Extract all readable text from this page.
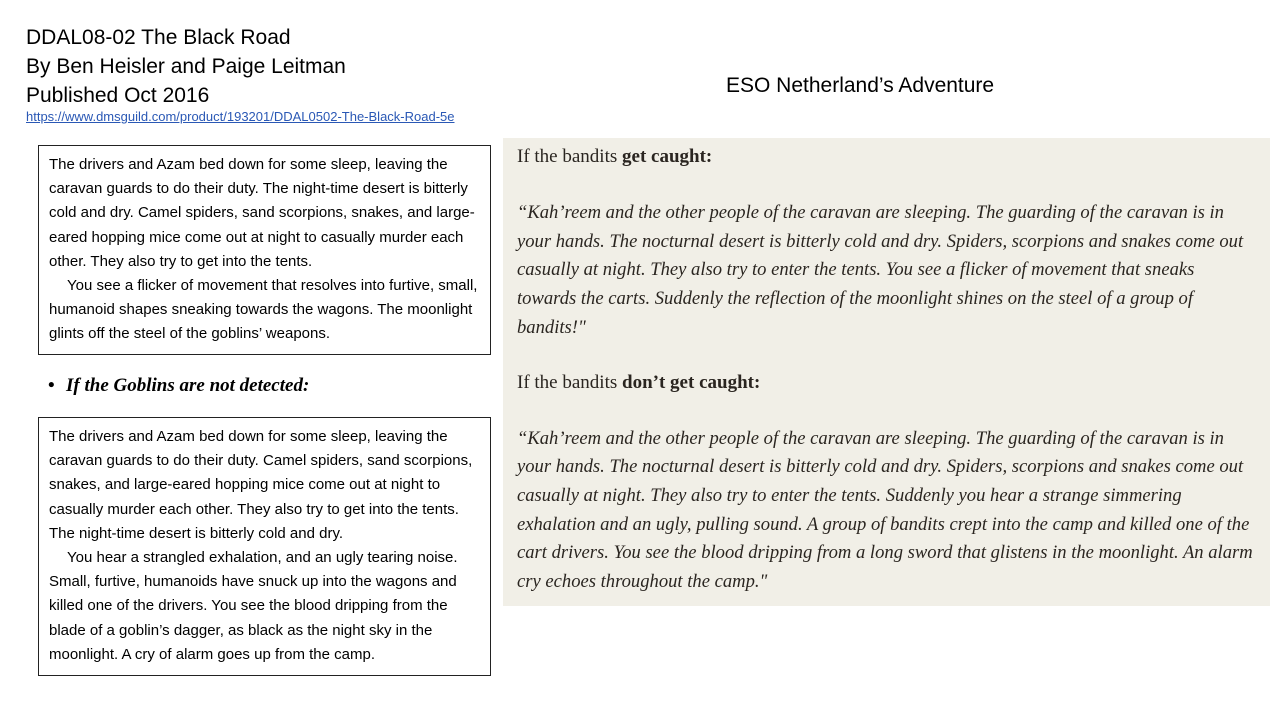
DDAL08-02 The Black Road
By Ben Heisler and Paige Leitman
Published Oct 2016
https://www.dmsguild.com/product/193201/DDAL0502-The-Black-Road-5e
ESO Netherland’s Adventure

The drivers and Azam bed down for some sleep, leaving the caravan guards to do their duty. The night-time desert is bitterly cold and dry. Camel spiders, sand scorpions, snakes, and large-eared hopping mice come out at night to casually murder each other. They also try to get into the tents.

You see a flicker of movement that resolves into furtive, small, humanoid shapes sneaking towards the wagons. The moonlight glints off the steel of the goblins’ weapons.

• If the Goblins are not detected:

The drivers and Azam bed down for some sleep, leaving the caravan guards to do their duty. Camel spiders, sand scorpions, snakes, and large-eared hopping mice come out at night to casually murder each other. They also try to get into the tents. The night-time desert is bitterly cold and dry.

You hear a strangled exhalation, and an ugly tearing noise. Small, furtive, humanoids have snuck up into the wagons and killed one of the drivers. You see the blood dripping from the blade of a goblin’s dagger, as black as the night sky in the moonlight. A cry of alarm goes up from the camp.

If the bandits get caught:

“Kah’reem and the other people of the caravan are sleeping. The guarding of the caravan is in your hands. The nocturnal desert is bitterly cold and dry. Spiders, scorpions and snakes come out casually at night. They also try to enter the tents. You see a flicker of movement that sneaks towards the carts. Suddenly the reflection of the moonlight shines on the steel of a group of bandits!"

If the bandits don’t get caught:

“Kah’reem and the other people of the caravan are sleeping. The guarding of the caravan is in your hands. The nocturnal desert is bitterly cold and dry. Spiders, scorpions and snakes come out casually at night. They also try to enter the tents. Suddenly you hear a strange simmering exhalation and an ugly, pulling sound. A group of bandits crept into the camp and killed one of the cart drivers. You see the blood dripping from a long sword that glistens in the moonlight. An alarm cry echoes throughout the camp."
